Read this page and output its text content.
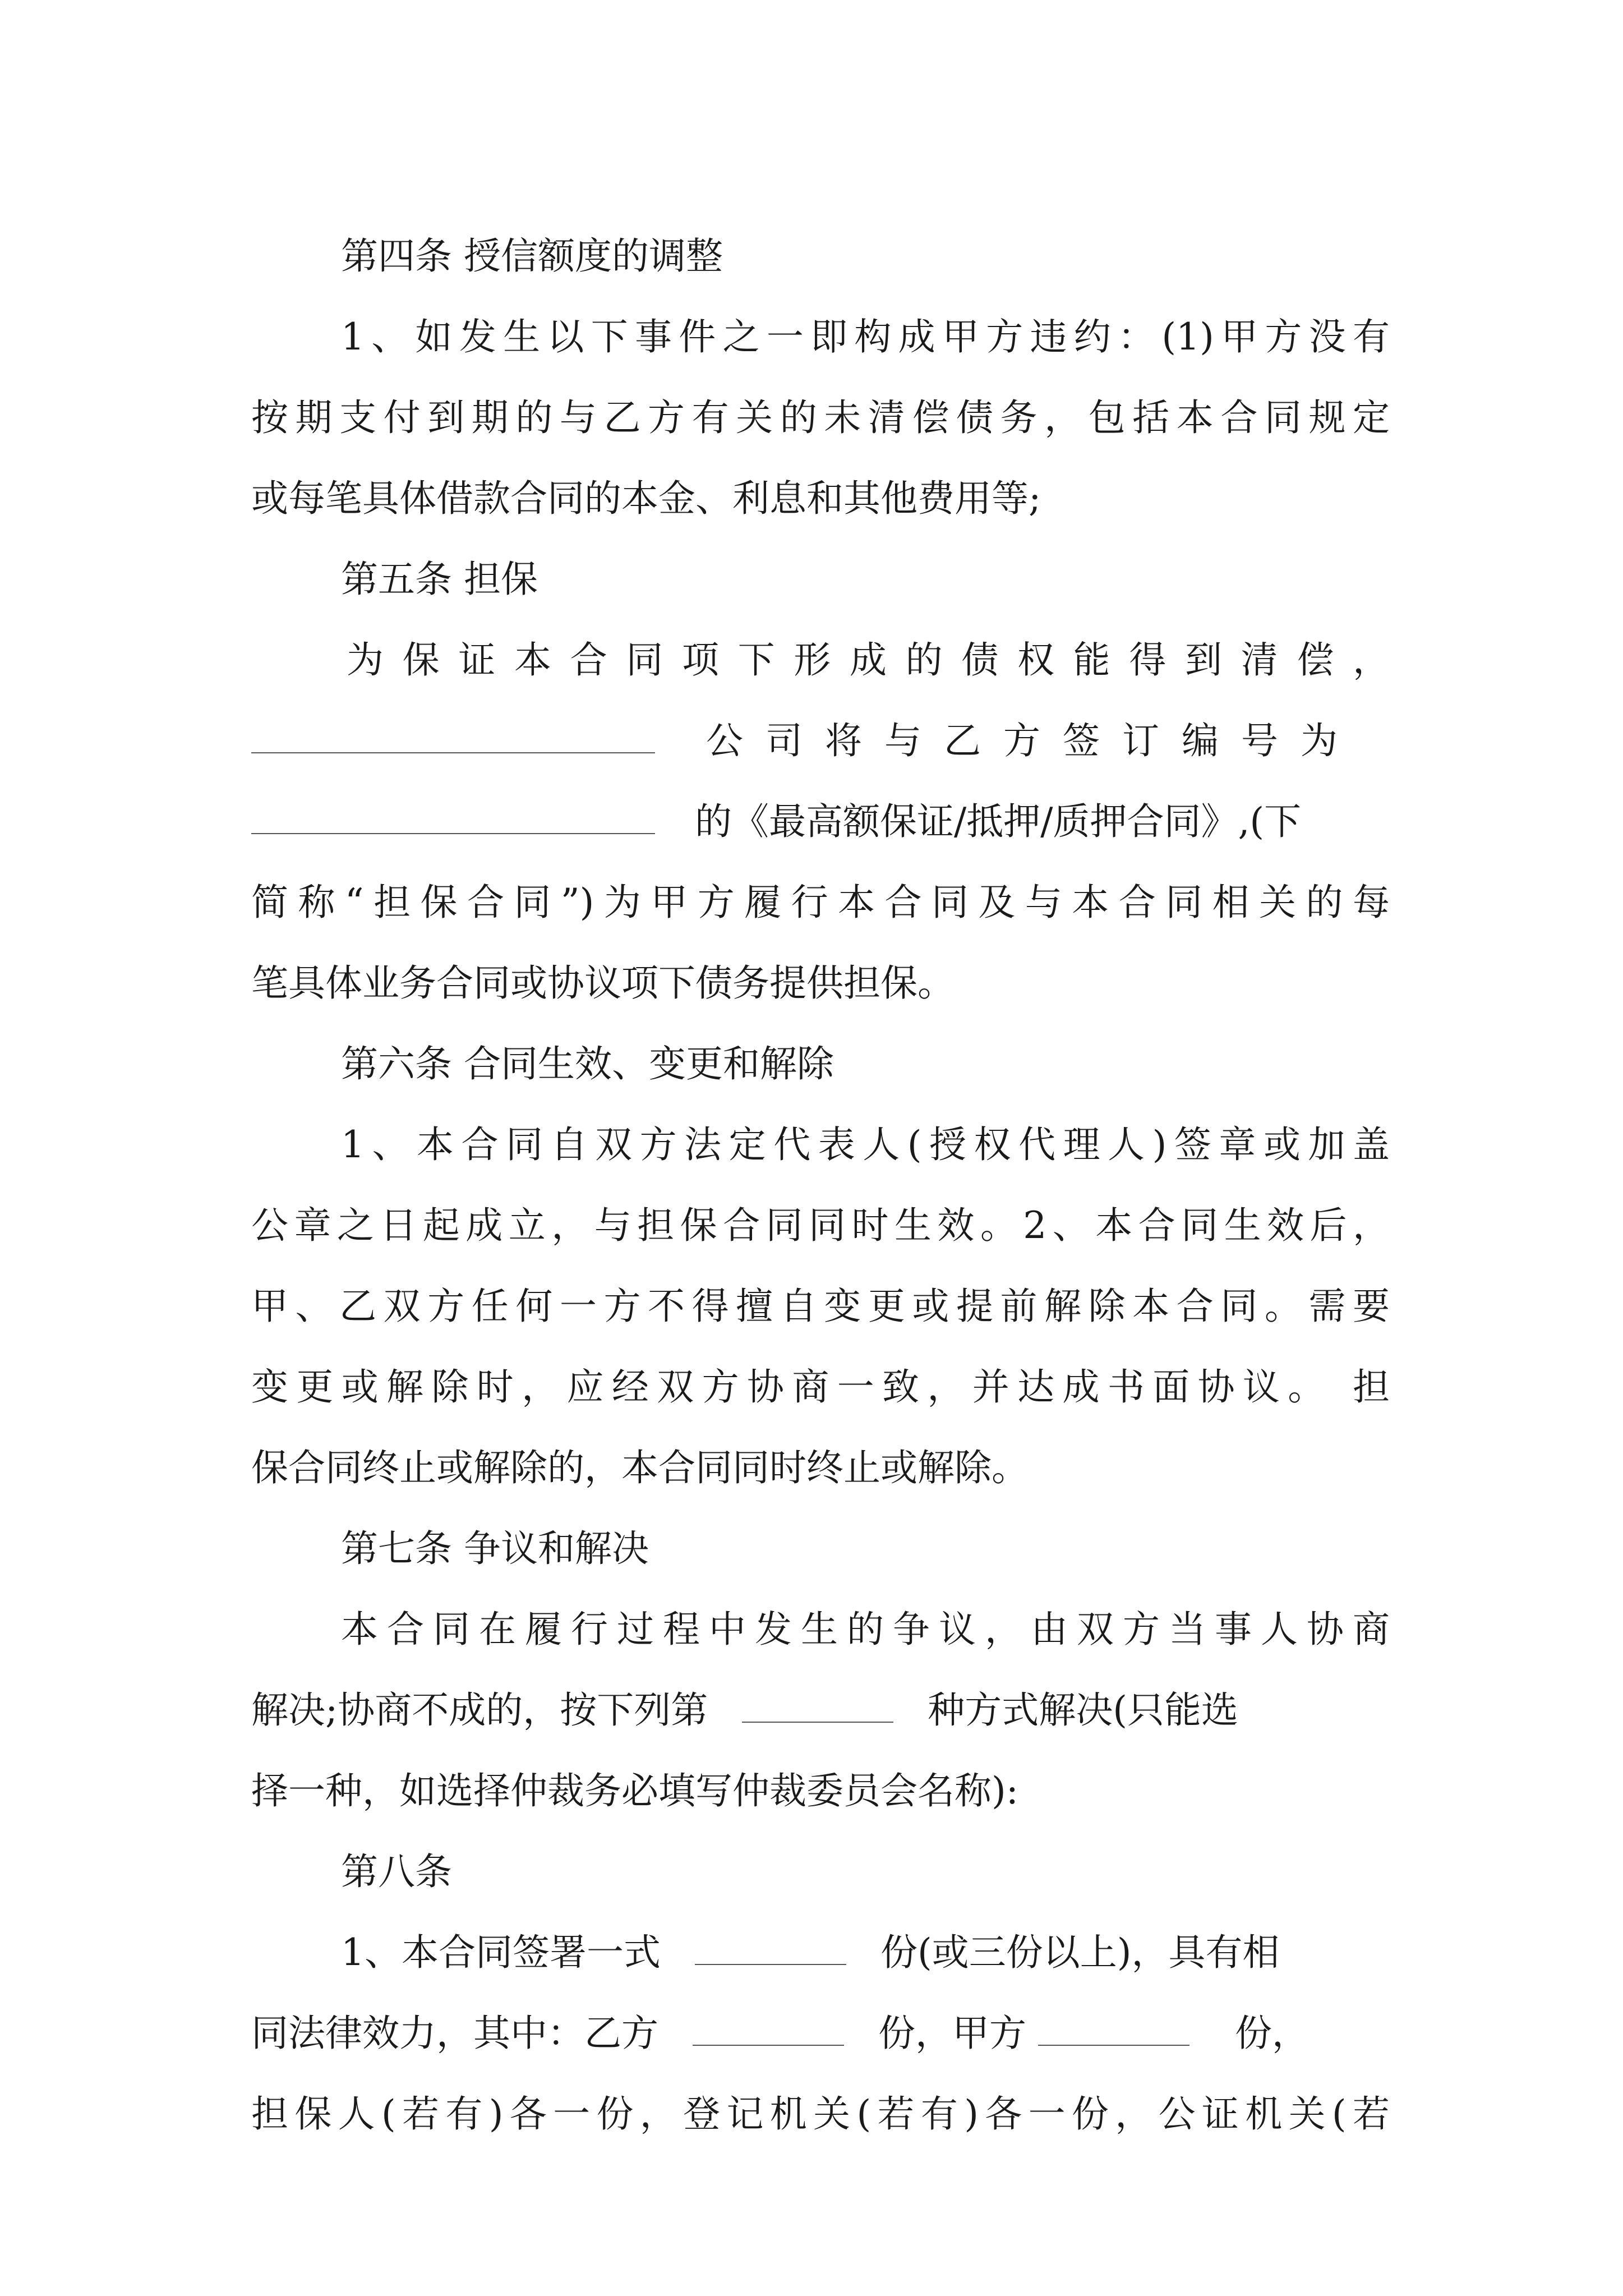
第四条 授信额度的调整
1、如发生以下事件之一即构成甲方违约：(1)甲方没有
按期支付到期的与乙方有关的未清偿债务，包括本合同规定
或每笔具体借款合同的本金、利息和其他费用等;
第五条 担保
为保证本合同项下形成的债权能得到清偿，
公司将与乙方签订编号为
的《最高额保证/抵押/质押合同》,(下
简称“担保合同”)为甲方履行本合同及与本合同相关的每
笔具体业务合同或协议项下债务提供担保。
第六条 合同生效、变更和解除
1、本合同自双方法定代表人(授权代理人)签章或加盖
公章之日起成立，与担保合同同时生效。2、本合同生效后，
甲、乙双方任何一方不得擅自变更或提前解除本合同。需要
变更或解除时，应经双方协商一致，并达成书面协议。 担
保合同终止或解除的，本合同同时终止或解除。
第七条 争议和解决
本合同在履行过程中发生的争议，由双方当事人协商
解决;协商不成的，按下列第	种方式解决(只能选
择一种，如选择仲裁务必填写仲裁委员会名称):
第八条
1、本合同签署一式	份(或三份以上)，具有相
同法律效力，其中：乙方	份，甲方	份，
担保人(若有)各一份，登记机关(若有)各一份，公证机关(若
